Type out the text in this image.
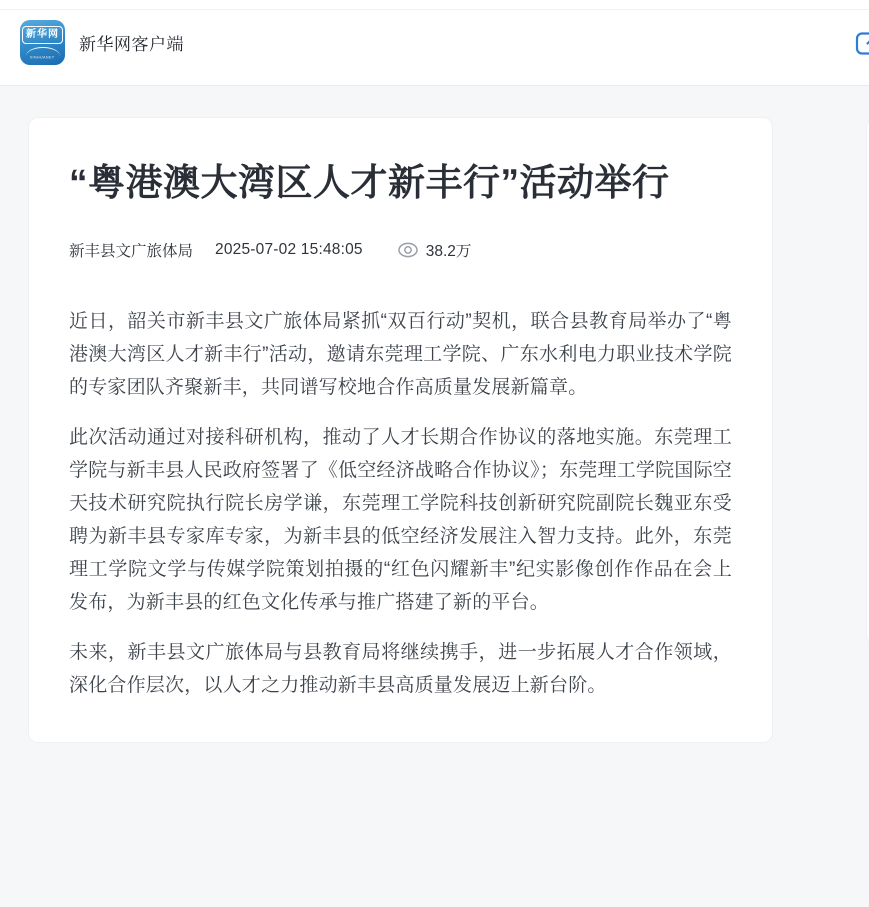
新华网
XINHUANET
新华网客户端
“粤港澳大湾区人才新丰行”活动举行
新丰县文广旅体局 2025-07-02 15:48:05	38.2万

近日，韶关市新丰县文广旅体局紧抓“双百行动”契机，联合县教育局举办了“粤港澳大湾区人才新丰行”活动，邀请东莞理工学院、广东水利电力职业技术学院的专家团队齐聚新丰，共同谱写校地合作高质量发展新篇章。

此次活动通过对接科研机构，推动了人才长期合作协议的落地实施。东莞理工学院与新丰县人民政府签署了《低空经济战略合作协议》；东莞理工学院国际空天技术研究院执行院长房学谦，东莞理工学院科技创新研究院副院长魏亚东受聘为新丰县专家库专家，为新丰县的低空经济发展注入智力支持。此外，东莞理工学院文学与传媒学院策划拍摄的“红色闪耀新丰”纪实影像创作作品在会上发布，为新丰县的红色文化传承与推广搭建了新的平台。

未来，新丰县文广旅体局与县教育局将继续携手，进一步拓展人才合作领域，深化合作层次，以人才之力推动新丰县高质量发展迈上新台阶。
